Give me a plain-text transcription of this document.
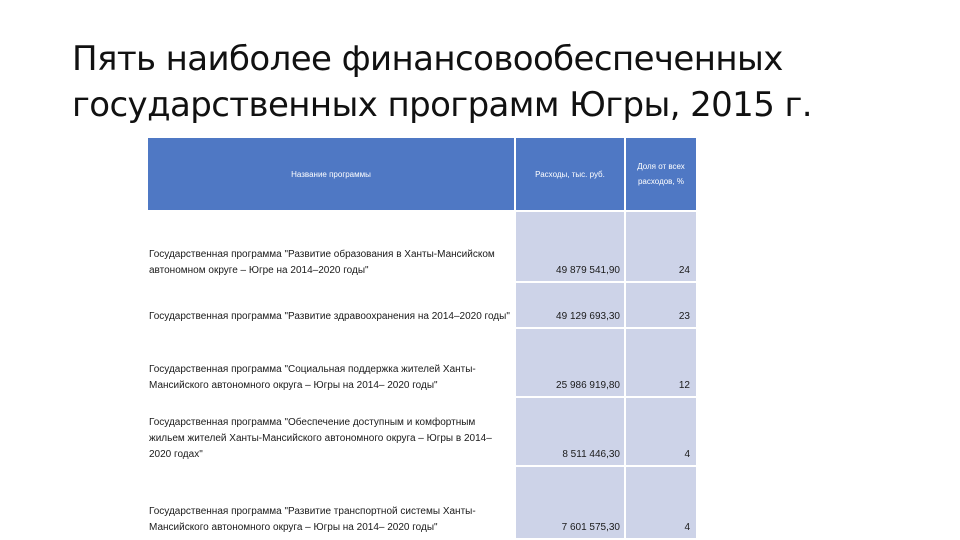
Пять наиболее финансовообеспеченных государственных программ Югры, 2015 г.
Название программы	Расходы, тыс. руб.	Доля от всех расходов, %
Государственная программа "Развитие образования в Ханты-Мансийском автономном округе – Югре на 2014–2020 годы"	49 879 541,90	24
Государственная программа "Развитие здравоохранения на 2014–2020 годы"	49 129 693,30	23
Государственная программа "Социальная поддержка жителей Ханты-Мансийского автономного округа – Югры на 2014– 2020 годы"	25 986 919,80	12
Государственная программа "Обеспечение доступным и комфортным жильем жителей Ханты-Мансийского автономного округа – Югры в 2014–2020 годах"	8 511 446,30	4
Государственная программа "Развитие транспортной системы Ханты-Мансийского автономного округа – Югры на 2014– 2020 годы"	7 601 575,30	4
